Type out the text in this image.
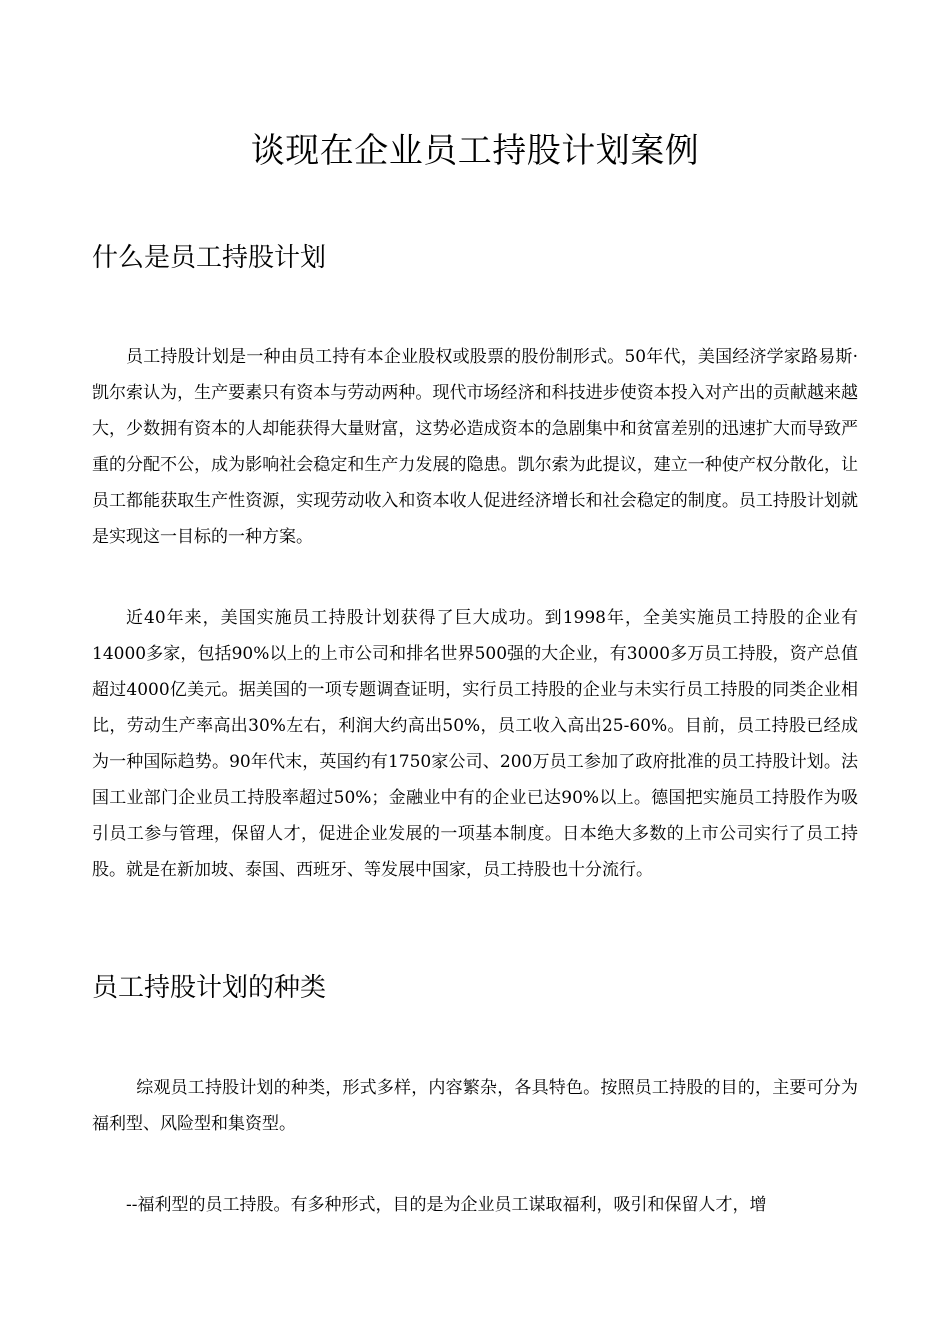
谈现在企业员工持股计划案例
什么是员工持股计划
员工持股计划是一种由员工持有本企业股权或股票的股份制形式。50年代，美国经济学家路易斯·凯尔索认为，生产要素只有资本与劳动两种。现代市场经济和科技进步使资本投入对产出的贡献越来越大，少数拥有资本的人却能获得大量财富，这势必造成资本的急剧集中和贫富差别的迅速扩大而导致严重的分配不公，成为影响社会稳定和生产力发展的隐患。凯尔索为此提议，建立一种使产权分散化，让员工都能获取生产性资源，实现劳动收入和资本收人促进经济增长和社会稳定的制度。员工持股计划就是实现这一目标的一种方案。
近40年来，美国实施员工持股计划获得了巨大成功。到1998年，全美实施员工持股的企业有14000多家，包括90%以上的上市公司和排名世界500强的大企业，有3000多万员工持股，资产总值超过4000亿美元。据美国的一项专题调查证明，实行员工持股的企业与未实行员工持股的同类企业相比，劳动生产率高出30%左右，利润大约高出50%，员工收入高出25-60%。目前，员工持股已经成为一种国际趋势。90年代末，英国约有1750家公司、200万员工参加了政府批准的员工持股计划。法国工业部门企业员工持股率超过50%；金融业中有的企业已达90%以上。德国把实施员工持股作为吸引员工参与管理，保留人才，促进企业发展的一项基本制度。日本绝大多数的上市公司实行了员工持股。就是在新加坡、泰国、西班牙、等发展中国家，员工持股也十分流行。
员工持股计划的种类
综观员工持股计划的种类，形式多样，内容繁杂，各具特色。按照员工持股的目的，主要可分为福利型、风险型和集资型。
--福利型的员工持股。有多种形式，目的是为企业员工谋取福利，吸引和保留人才，增
